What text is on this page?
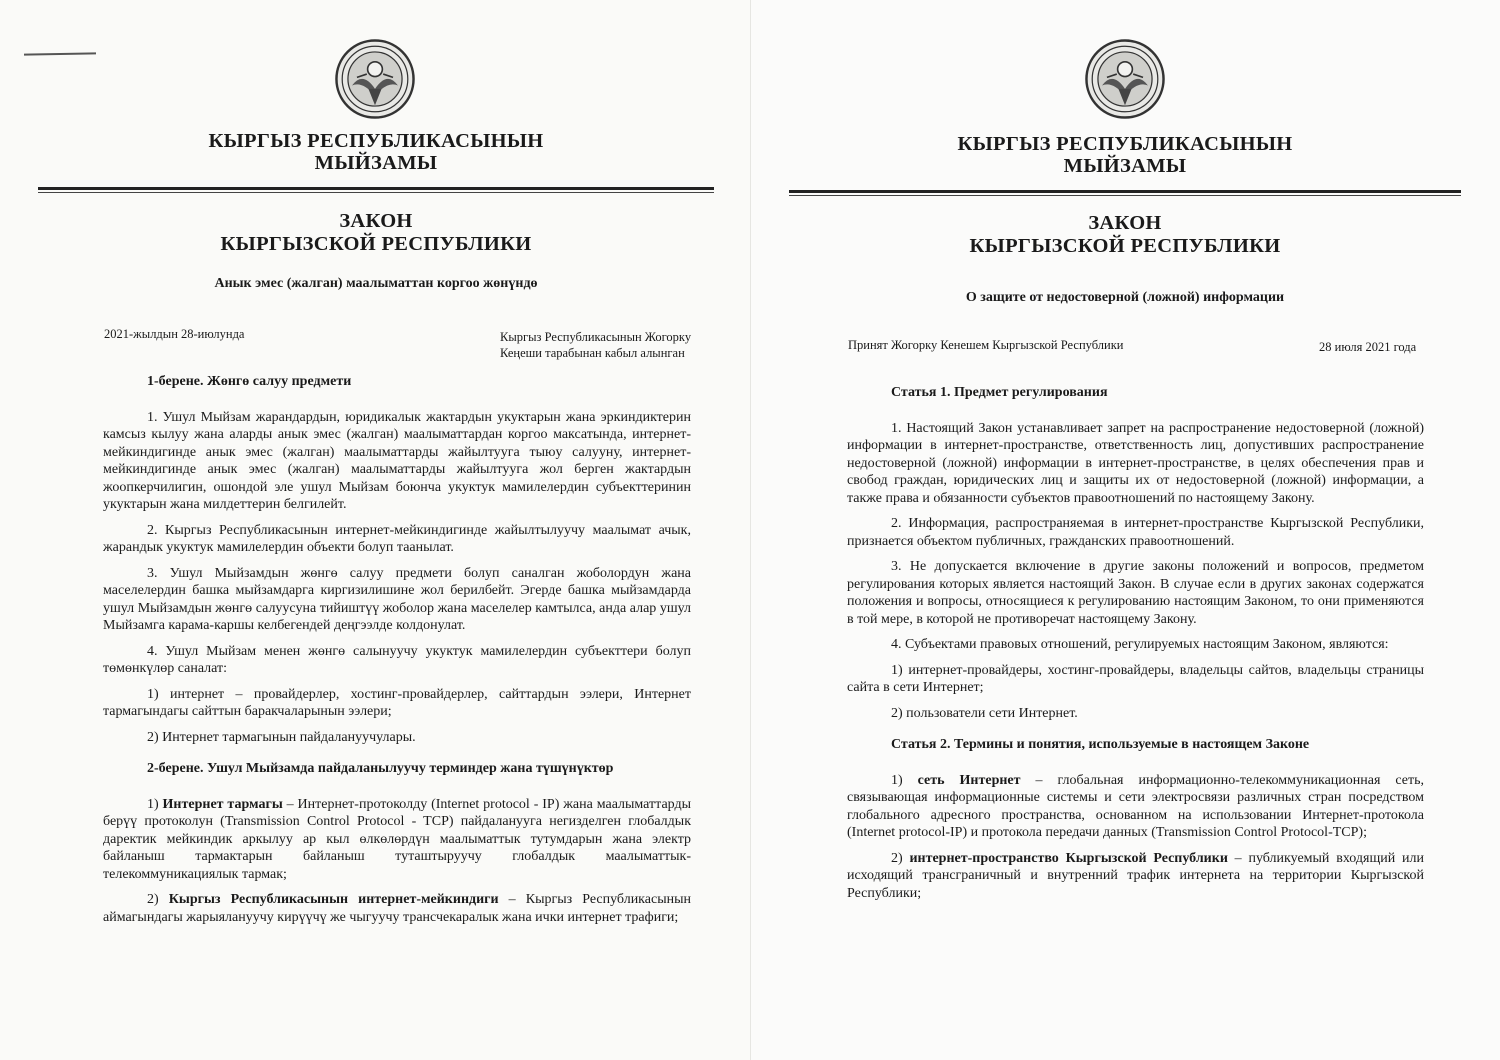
КЫРГЫЗ РЕСПУБЛИКАСЫНЫН
МЫЙЗАМЫ
ЗАКОН
КЫРГЫЗСКОЙ РЕСПУБЛИКИ
Анык эмес (жалган) маалыматтан коргоо жөнүндө
2021-жылдын 28-июлунда	Кыргыз Республикасынын Жогорку
Кеңеши тарабынан кабыл алынган
1-берене. Жөнгө салуу предмети

1. Ушул Мыйзам жарандардын, юридикалык жактардын укуктарын жана эркиндиктерин камсыз кылуу жана аларды анык эмес (жалган) маалыматтардан коргоо максатында, интернет-мейкиндигинде анык эмес (жалган) маалыматтарды жайылтууга тыюу салууну, интернет-мейкиндигинде анык эмес (жалган) маалыматтарды жайылтууга жол берген жактардын жоопкерчилигин, ошондой эле ушул Мыйзам боюнча укуктук мамилелердин субъекттеринин укуктарын жана милдеттерин белгилейт.

2. Кыргыз Республикасынын интернет-мейкиндигинде жайылтылуучу маалымат ачык, жарандык укуктук мамилелердин объекти болуп таанылат.

3. Ушул Мыйзамдын жөнгө салуу предмети болуп саналган жоболордун жана маселелердин башка мыйзамдарга киргизилишине жол берилбейт. Эгерде башка мыйзамдарда ушул Мыйзамдын жөнгө салуусуна тийиштүү жоболор жана маселелер камтылса, анда алар ушул Мыйзамга карама-каршы келбегендей деңгээлде колдонулат.

4. Ушул Мыйзам менен жөнгө салынуучу укуктук мамилелердин субъекттери болуп төмөнкүлөр саналат:

1) интернет – провайдерлер, хостинг-провайдерлер, сайттардын ээлери, Интернет тармагындагы сайттын баракчаларынын ээлери;

2) Интернет тармагынын пайдалануучулары.

2-берене. Ушул Мыйзамда пайдаланылуучу терминдер жана түшүнүктөр

1) Интернет тармагы – Интернет-протоколду (Internet protocol - IP) жана маалыматтарды берүү протоколун (Transmission Control Protocol - TCP) пайдаланууга негизделген глобалдык даректик мейкиндик аркылуу ар кыл өлкөлөрдүн маалыматтык тутумдарын жана электр байланыш тармактарын байланыш туташтыруучу глобалдык маалыматтык-телекоммуникациялык тармак;

2) Кыргыз Республикасынын интернет-мейкиндиги – Кыргыз Республикасынын аймагындагы жарыялануучу кирүүчү же чыгуучу трансчекаралык жана ички интернет трафиги;

КЫРГЫЗ РЕСПУБЛИКАСЫНЫН
МЫЙЗАМЫ
ЗАКОН
КЫРГЫЗСКОЙ РЕСПУБЛИКИ
О защите от недостоверной (ложной) информации
Принят Жогорку Кенешем Кыргызской Республики	28 июля 2021 года
Статья 1. Предмет регулирования

1. Настоящий Закон устанавливает запрет на распространение недостоверной (ложной) информации в интернет-пространстве, ответственность лиц, допустивших распространение недостоверной (ложной) информации в интернет-пространстве, в целях обеспечения прав и свобод граждан, юридических лиц и защиты их от недостоверной (ложной) информации, а также права и обязанности субъектов правоотношений по настоящему Закону.

2. Информация, распространяемая в интернет-пространстве Кыргызской Республики, признается объектом публичных, гражданских правоотношений.

3. Не допускается включение в другие законы положений и вопросов, предметом регулирования которых является настоящий Закон. В случае если в других законах содержатся положения и вопросы, относящиеся к регулированию настоящим Законом, то они применяются в той мере, в которой не противоречат настоящему Закону.

4. Субъектами правовых отношений, регулируемых настоящим Законом, являются:

1) интернет-провайдеры, хостинг-провайдеры, владельцы сайтов, владельцы страницы сайта в сети Интернет;

2) пользователи сети Интернет.

Статья 2. Термины и понятия, используемые в настоящем Законе

1) сеть Интернет – глобальная информационно-телекоммуникационная сеть, связывающая информационные системы и сети электросвязи различных стран посредством глобального адресного пространства, основанном на использовании Интернет-протокола (Internet protocol-IP) и протокола передачи данных (Transmission Control Protocol-TCP);

2) интернет-пространство Кыргызской Республики – публикуемый входящий или исходящий трансграничный и внутренний трафик интернета на территории Кыргызской Республики;
